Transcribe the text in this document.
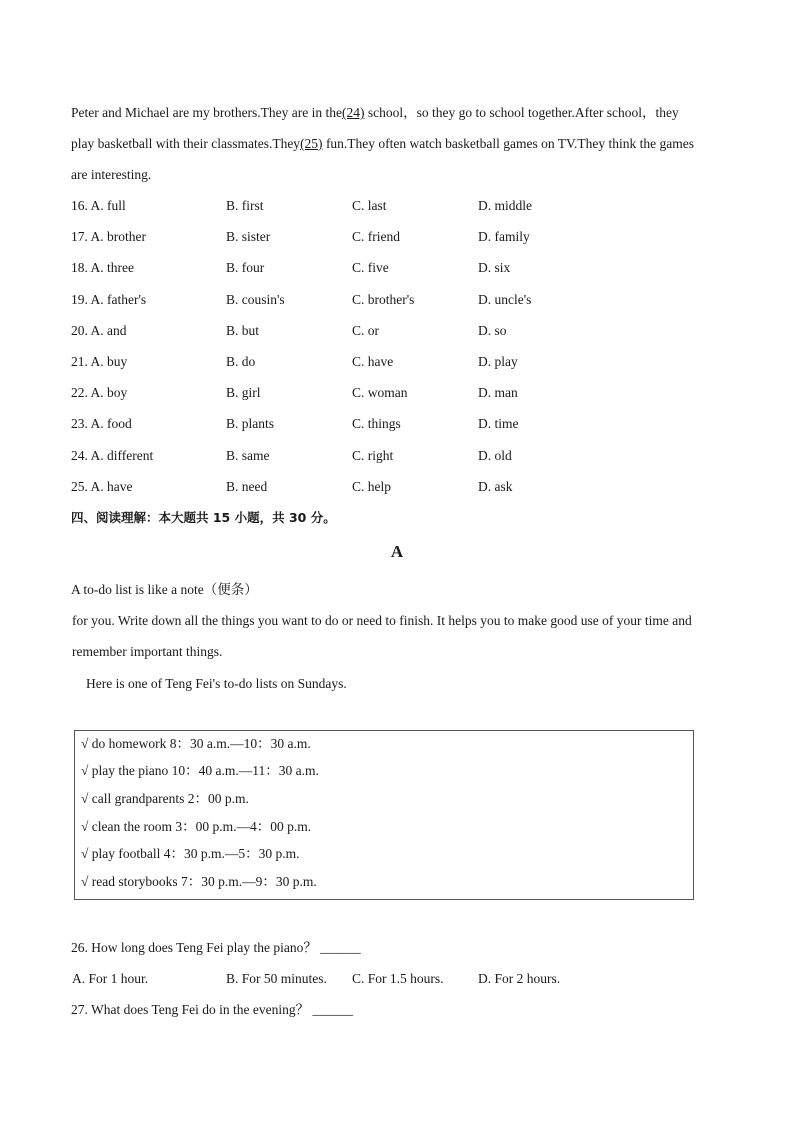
Peter and Michael are my brothers.They are in the(24) school，so they go to school together.After school，they
play basketball with their classmates.They(25) fun.They often watch basketball games on TV.They think the games
are interesting.
16. A. full	B. first	C. last	D. middle
17. A. brother	B. sister	C. friend	D. family
18. A. three	B. four	C. five	D. six
19. A. father's	B. cousin's	C. brother's	D. uncle's
20. A. and	B. but	C. or	D. so
21. A. buy	B. do	C. have	D. play
22. A. boy	B. girl	C. woman	D. man
23. A. food	B. plants	C. things	D. time
24. A. different	B. same	C. right	D. old
25. A. have	B. need	C. help	D. ask
四、阅读理解：本大题共 15 小题，共 30 分。
A
A to-do list is like a note（便条）
for you. Write down all the things you want to do or need to finish. It helps you to make good use of your time and
remember important things.
Here is one of Teng Fei's to-do lists on Sundays.
√ do homework 8：30 a.m.—10：30 a.m.
√ play the piano 10：40 a.m.—11：30 a.m.
√ call grandparents 2：00 p.m.
√ clean the room 3：00 p.m.—4：00 p.m.
√ play football 4：30 p.m.—5：30 p.m.
√ read storybooks 7：30 p.m.—9：30 p.m.
26. How long does Teng Fei play the piano？ ______
A. For 1 hour.	B. For 50 minutes. C. For 1.5 hours.	D. For 2 hours.
27. What does Teng Fei do in the evening？ ______
